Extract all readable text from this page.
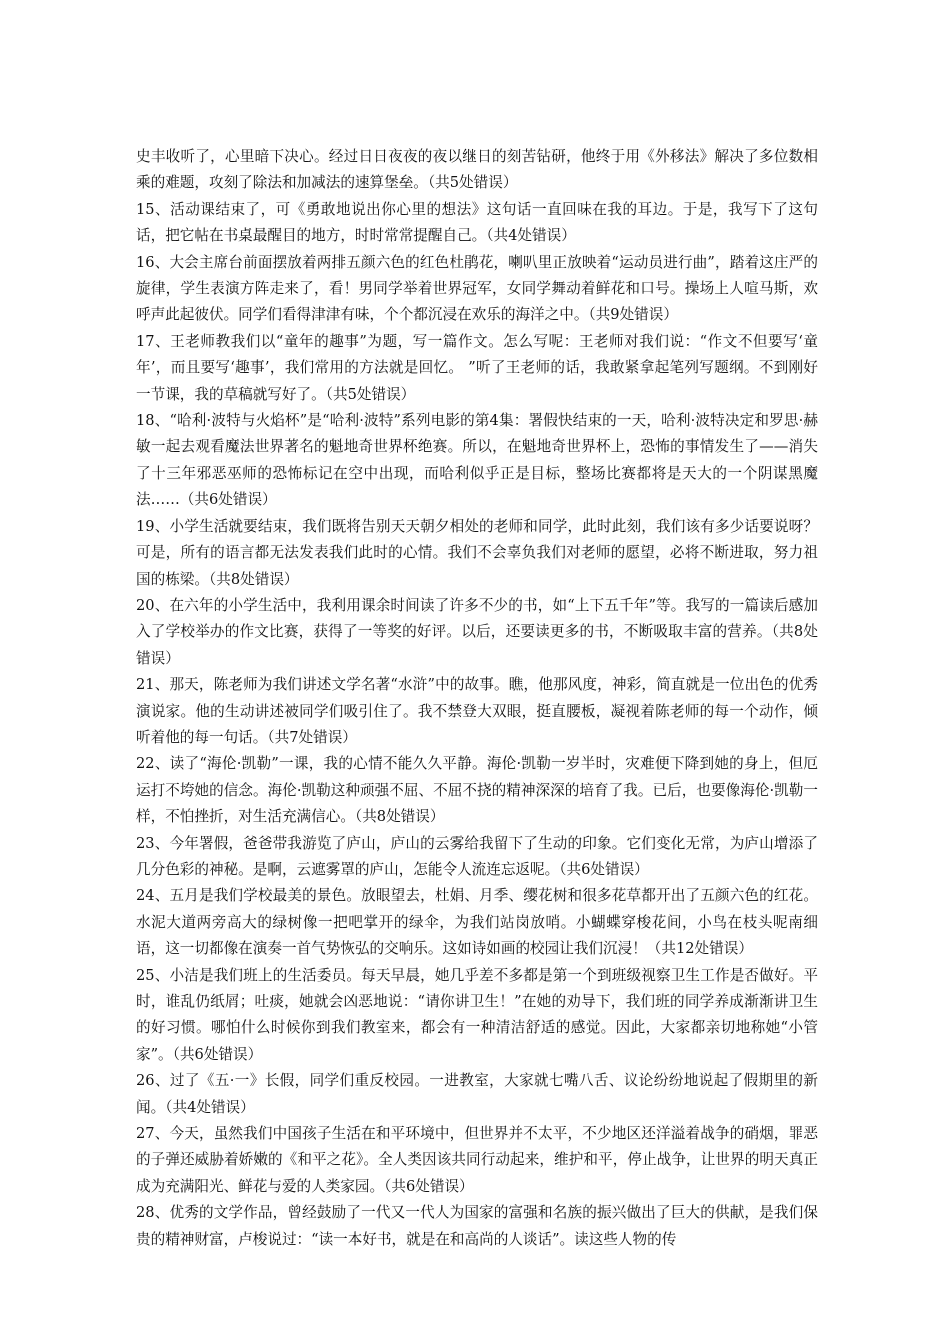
史丰收听了，心里暗下决心。经过日日夜夜的夜以继日的刻苦钻研，他终于用《外移法》解决了多位数相乘的难题，攻刻了除法和加减法的速算堡垒。（共5处错误）

15、活动课结束了，可《勇敢地说出你心里的想法》这句话一直回味在我的耳边。于是，我写下了这句话，把它帖在书桌最醒目的地方，时时常常提醒自己。（共4处错误）

16、大会主席台前面摆放着两排五颜六色的红色杜鹃花，喇叭里正放映着“运动员进行曲”，踏着这庄严的旋律，学生表演方阵走来了，看！男同学举着世界冠军，女同学舞动着鲜花和口号。操场上人喧马斯，欢呼声此起彼伏。同学们看得津津有味，个个都沉浸在欢乐的海洋之中。（共9处错误）

17、王老师教我们以“童年的趣事”为题，写一篇作文。怎么写呢：王老师对我们说：“作文不但要写‘童年’，而且要写‘趣事’，我们常用的方法就是回忆。 ”听了王老师的话，我敢紧拿起笔列写题纲。不到刚好一节课，我的草稿就写好了。（共5处错误）

18、“哈利·波特与火焰杯”是“哈利·波特”系列电影的第4集：署假快结束的一天，哈利·波特决定和罗思·赫敏一起去观看魔法世界著名的魁地奇世界杯绝赛。所以，在魁地奇世界杯上，恐怖的事情发生了——消失了十三年邪恶巫师的恐怖标记在空中出现，而哈利似乎正是目标，整场比赛都将是天大的一个阴谋黑魔法……（共6处错误）

19、小学生活就要结束，我们既将告别天天朝夕相处的老师和同学，此时此刻，我们该有多少话要说呀？可是，所有的语言都无法发表我们此时的心情。我们不会辜负我们对老师的愿望，必将不断进取，努力祖国的栋梁。（共8处错误）

20、在六年的小学生活中，我利用课余时间读了许多不少的书，如“上下五千年”等。我写的一篇读后感加入了学校举办的作文比赛，获得了一等奖的好评。以后，还要读更多的书，不断吸取丰富的营养。（共8处错误）

21、那天，陈老师为我们讲述文学名著“水浒”中的故事。瞧，他那风度，神彩，简直就是一位出色的优秀演说家。他的生动讲述被同学们吸引住了。我不禁登大双眼，挺直腰板，凝视着陈老师的每一个动作，倾听着他的每一句话。（共7处错误）

22、读了“海伦·凯勒”一课，我的心情不能久久平静。海伦·凯勒一岁半时，灾难便下降到她的身上，但厄运打不垮她的信念。海伦·凯勒这种顽强不屈、不屈不挠的精神深深的培育了我。已后，也要像海伦·凯勒一样，不怕挫折，对生活充满信心。（共8处错误）

23、今年署假，爸爸带我游览了庐山，庐山的云雾给我留下了生动的印象。它们变化无常，为庐山增添了几分色彩的神秘。是啊，云遮雾罩的庐山，怎能令人流连忘返呢。（共6处错误）

24、五月是我们学校最美的景色。放眼望去，杜娟、月季、缨花树和很多花草都开出了五颜六色的红花。水泥大道两旁高大的绿树像一把吧掌开的绿伞，为我们站岗放哨。小蝴蝶穿梭花间，小鸟在枝头呢南细语，这一切都像在演奏一首气势恢弘的交响乐。这如诗如画的校园让我们沉浸！（共12处错误）

25、小洁是我们班上的生活委员。每天早晨，她几乎差不多都是第一个到班级视察卫生工作是否做好。平时，谁乱仍纸屑；吐痰，她就会凶恶地说：“请你讲卫生！”在她的劝导下，我们班的同学养成渐渐讲卫生的好习惯。哪怕什么时候你到我们教室来，都会有一种清洁舒适的感觉。因此，大家都亲切地称她“小管家”。（共6处错误）

26、过了《五·一》长假，同学们重反校园。一进教室，大家就七嘴八舌、议论纷纷地说起了假期里的新闻。（共4处错误）

27、今天，虽然我们中国孩子生活在和平环境中，但世界并不太平，不少地区还洋溢着战争的硝烟，罪恶的子弹还威胁着娇嫩的《和平之花》。全人类因该共同行动起来，维护和平，停止战争，让世界的明天真正成为充满阳光、鲜花与爱的人类家园。（共6处错误）

28、优秀的文学作品，曾经鼓励了一代又一代人为国家的富强和名族的振兴做出了巨大的供献，是我们保贵的精神财富，卢梭说过：“读一本好书，就是在和高尚的人谈话”。读这些人物的传
